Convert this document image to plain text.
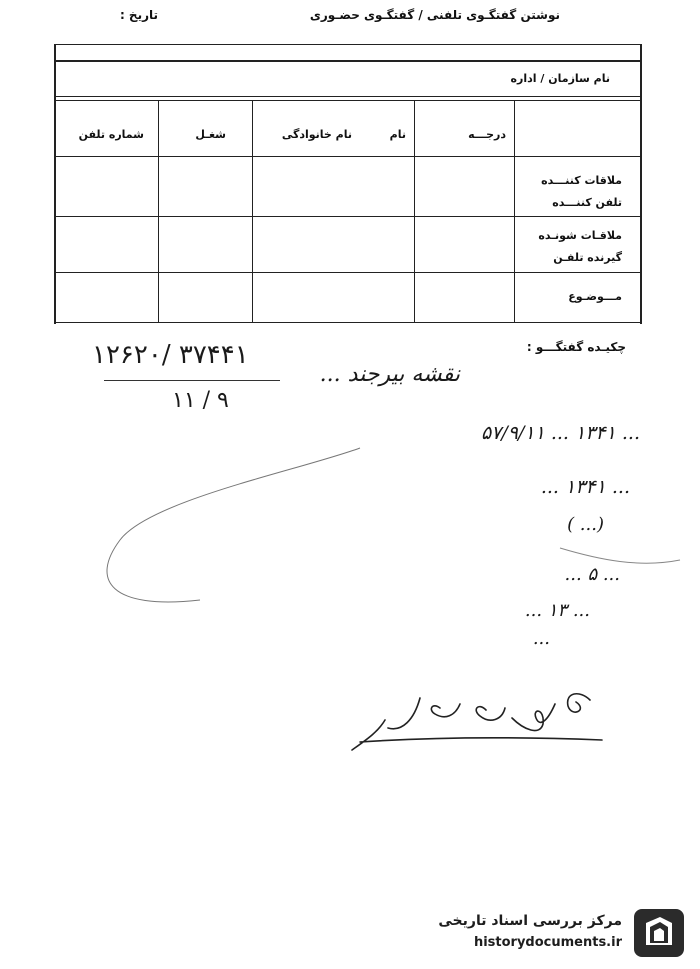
نوشتن گفتگـوی تلفنی / گفتگـوی حضـوری
تاریخ :
نام سازمان / اداره
درجـــه
نام
نام خانوادگی
شغـل
شماره تلفن
ملاقات کننـــده
تلفن کننـــده
ملاقـات شونـده
گیرنده تلفـن
مـــوضـوع
چکیـده گفتگـــو :
۱۲۶۲۰/ ۳۷۴۴۱
۱۱ / ۹
نقشه بیرجند ...
... ۱۳۴۱ ... ۵۷/۹/۱۱
... ۱۳۴۱ ...
(... )
... ۵ ...
... ۱۳ ...
...
مرکز بررسی اسناد تاریخی
historydocuments.ir
